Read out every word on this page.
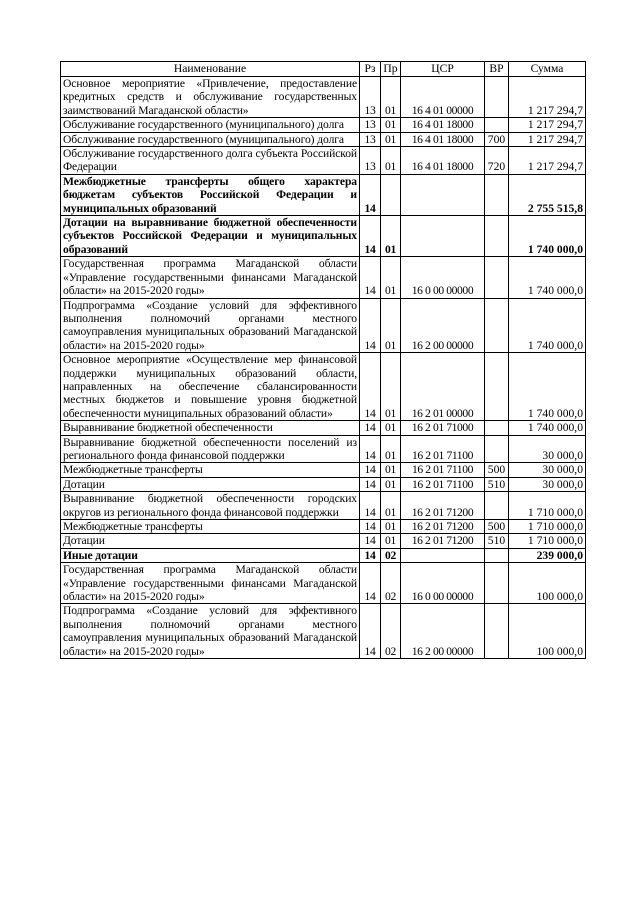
Наименование	Рз	Пр	ЦСР	ВР	Сумма
Основное мероприятие «Привлечение, предоставление кредитных средств и обслуживание государственных заимствований Магаданской области»	13	01	16 4 01 00000		1 217 294,7
Обслуживание государственного (муниципального) долга	13	01	16 4 01 18000		1 217 294,7
Обслуживание государственного (муниципального) долга	13	01	16 4 01 18000	700	1 217 294,7
Обслуживание государственного долга субъекта Российской Федерации	13	01	16 4 01 18000	720	1 217 294,7
Межбюджетные трансферты общего характера бюджетам субъектов Российской Федерации и муниципальных образований	14				2 755 515,8
Дотации на выравнивание бюджетной обеспеченности субъектов Российской Федерации и муниципальных образований	14	01			1 740 000,0
Государственная программа Магаданской области «Управление государственными финансами Магаданской области» на 2015-2020 годы»	14	01	16 0 00 00000		1 740 000,0
Подпрограмма «Создание условий для эффективного выполнения полномочий органами местного самоуправления муниципальных образований Магаданской области» на 2015-2020 годы»	14	01	16 2 00 00000		1 740 000,0
Основное мероприятие «Осуществление мер финансовой поддержки муниципальных образований области, направленных на обеспечение сбалансированности местных бюджетов и повышение уровня бюджетной обеспеченности муниципальных образований области»	14	01	16 2 01 00000		1 740 000,0
Выравнивание бюджетной обеспеченности	14	01	16 2 01 71000		1 740 000,0
Выравнивание бюджетной обеспеченности поселений из регионального фонда финансовой поддержки	14	01	16 2 01 71100		30 000,0
Межбюджетные трансферты	14	01	16 2 01 71100	500	30 000,0
Дотации	14	01	16 2 01 71100	510	30 000,0
Выравнивание бюджетной обеспеченности городских округов из регионального фонда финансовой поддержки	14	01	16 2 01 71200		1 710 000,0
Межбюджетные трансферты	14	01	16 2 01 71200	500	1 710 000,0
Дотации	14	01	16 2 01 71200	510	1 710 000,0
Иные дотации	14	02			239 000,0
Государственная программа Магаданской области «Управление государственными финансами Магаданской области» на 2015-2020 годы»	14	02	16 0 00 00000		100 000,0
Подпрограмма «Создание условий для эффективного выполнения полномочий органами местного самоуправления муниципальных образований Магаданской области» на 2015-2020 годы»	14	02	16 2 00 00000		100 000,0
